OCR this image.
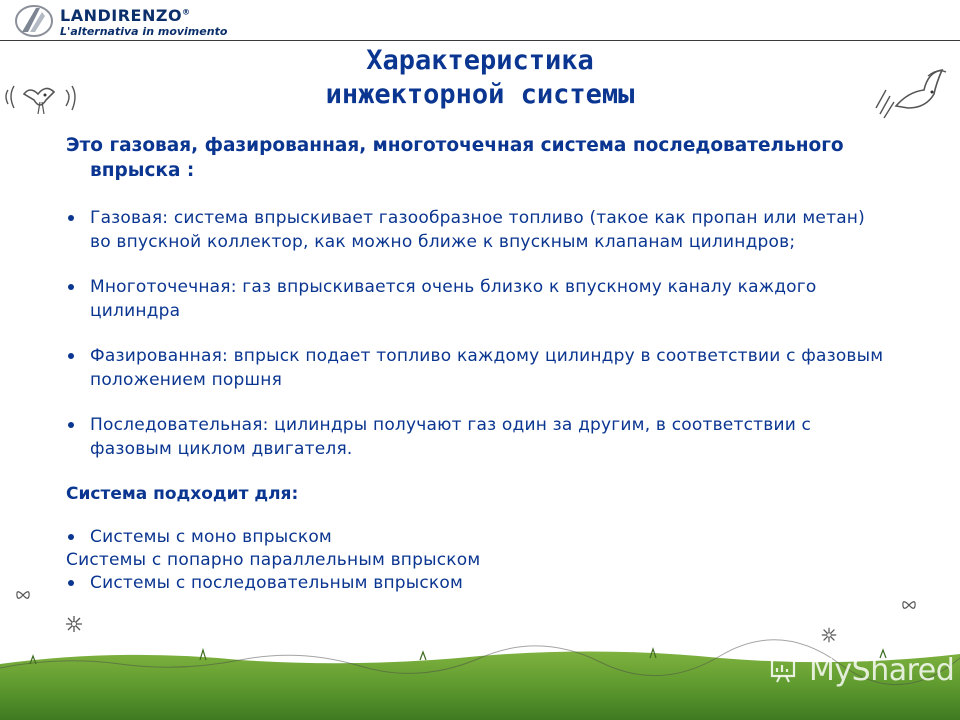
LANDIRENZO®
L'alternativa in movimento
Характеристика
инжекторной системы

Это газовая, фазированная, многоточечная система последовательного впрыска :

Газовая: система впрыскивает газообразное топливо (такое как пропан или метан) во впускной коллектор, как можно ближе к впускным клапанам цилиндров;

Многоточечная: газ впрыскивается очень близко к впускному каналу каждого цилиндра

Фазированная: впрыск подает топливо каждому цилиндру в соответствии с фазовым положением поршня

Последовательная: цилиндры получают газ один за другим, в соответствии с фазовым циклом двигателя.

Система подходит для:

Системы с моно впрыском

Системы с попарно параллельным впрыском

Системы с последовательным впрыском

MyShared
